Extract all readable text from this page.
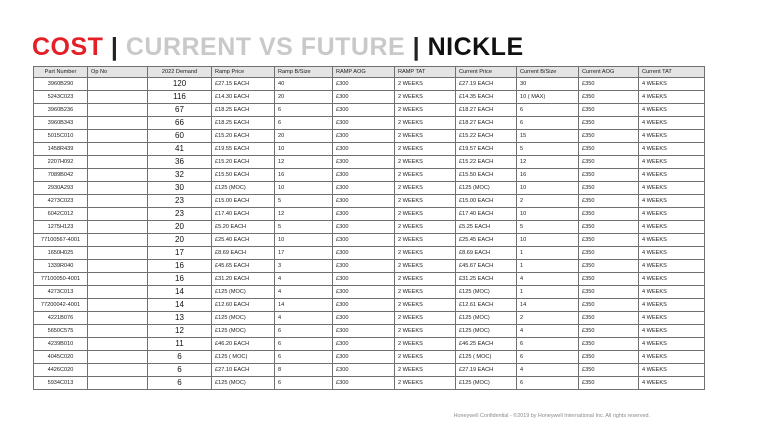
COST | CURRENT VS FUTURE | NICKLE
Part Number	Op No	2022 Demand	Ramp Price	Ramp B/Size	RAMP AOG	RAMP TAT	Current Price	Current B/Size	Current AOG	Current TAT
3960B290		120	£27.15 EACH	40	£300	2 WEEKS	£27.19 EACH	30	£350	4 WEEKS
5243C023		116	£14.30 EACH	20	£300	2 WEEKS	£14.35 EACH	10 ( MAX)	£350	4 WEEKS
3960B236		67	£18.25 EACH	6	£300	2 WEEKS	£18.27 EACH	6	£350	4 WEEKS
3960B343		66	£18.25 EACH	6	£300	2 WEEKS	£18.27 EACH	6	£350	4 WEEKS
5015C010		60	£15.20 EACH	20	£300	2 WEEKS	£15.22 EACH	15	£350	4 WEEKS
1458R439		41	£19.55 EACH	10	£300	2 WEEKS	£19.57 EACH	5	£350	4 WEEKS
2207H092		36	£15.20 EACH	12	£300	2 WEEKS	£15.22 EACH	12	£350	4 WEEKS
7089B042		32	£15.50 EACH	16	£300	2 WEEKS	£15.50 EACH	16	£350	4 WEEKS
2930A293		30	£125 (MOC)	10	£300	2 WEEKS	£125 (MOC)	10	£350	4 WEEKS
4273C023		23	£15.00 EACH	5	£300	2 WEEKS	£15.00 EACH	2	£350	4 WEEKS
6042C012		23	£17.40 EACH	12	£300	2 WEEKS	£17.40 EACH	10	£350	4 WEEKS
1275H123		20	£5.20 EACH	5	£300	2 WEEKS	£5.25 EACH	5	£350	4 WEEKS
77100567-4001		20	£25.40 EACH	10	£300	2 WEEKS	£25.45 EACH	10	£350	4 WEEKS
1650H025		17	£8.69 EACH	17	£300	2 WEEKS	£8.69 EACH	1	£350	4 WEEKS
1339R040		16	£45.65 EACH	3	£300	2 WEEKS	£45.67 EACH	1	£350	4 WEEKS
77100050-4001		16	£31.20 EACH	4	£300	2 WEEKS	£31.25 EACH	4	£350	4 WEEKS
4273C013		14	£125 (MOC)	4	£300	2 WEEKS	£125 (MOC)	1	£350	4 WEEKS
77200042-4001		14	£12.60 EACH	14	£300	2 WEEKS	£12.61 EACH	14	£350	4 WEEKS
4221B076		13	£125 (MOC)	4	£300	2 WEEKS	£125 (MOC)	2	£350	4 WEEKS
5650C575		12	£125 (MOC)	6	£300	2 WEEKS	£125 (MOC)	4	£350	4 WEEKS
4239B010		11	£46.20 EACH	6	£300	2 WEEKS	£46.25 EACH	6	£350	4 WEEKS
4045C020		6	£125 ( MOC)	6	£300	2 WEEKS	£125 ( MOC)	6	£350	4 WEEKS
4426C020		6	£27.10 EACH	8	£300	2 WEEKS	£27.19 EACH	4	£350	4 WEEKS
5934C013		6	£125 (MOC)	6	£300	2 WEEKS	£125 (MOC)	6	£350	4 WEEKS
Honeywell Confidential - ©2019 by Honeywell International Inc. All rights reserved.
